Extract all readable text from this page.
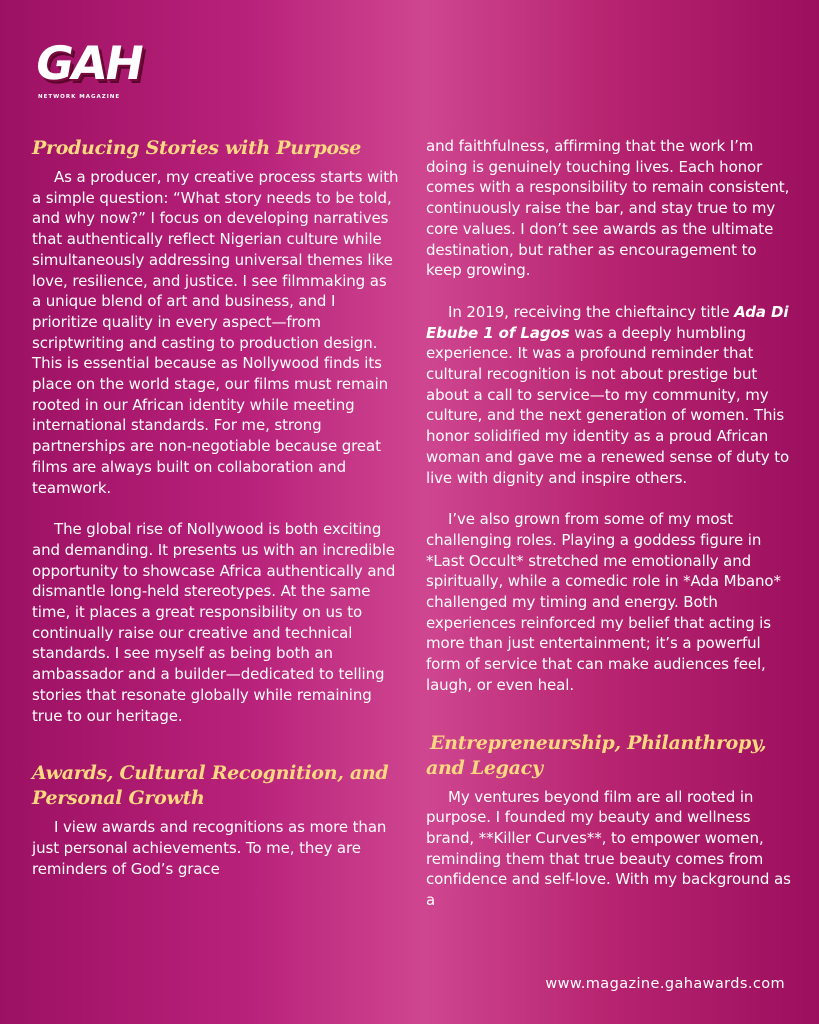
GAH
NETWORK MAGAZINE
Producing Stories with Purpose

As a producer, my creative process starts with a simple question: “What story needs to be told, and why now?” I focus on developing narratives that authentically reflect Nigerian culture while simultaneously addressing universal themes like love, resilience, and justice. I see filmmaking as a unique blend of art and business, and I prioritize quality in every aspect—from scriptwriting and casting to production design. This is essential because as Nollywood finds its place on the world stage, our films must remain rooted in our African identity while meeting international standards. For me, strong partnerships are non-negotiable because great films are always built on collaboration and teamwork.

The global rise of Nollywood is both exciting and demanding. It presents us with an incredible opportunity to showcase Africa authentically and dismantle long-held stereotypes. At the same time, it places a great responsibility on us to continually raise our creative and technical standards. I see myself as being both an ambassador and a builder—dedicated to telling stories that resonate globally while remaining true to our heritage.

Awards, Cultural Recognition, and Personal Growth

I view awards and recognitions as more than just personal achievements. To me, they are reminders of God’s grace

and faithfulness, affirming that the work I’m doing is genuinely touching lives. Each honor comes with a responsibility to remain consistent, continuously raise the bar, and stay true to my core values. I don’t see awards as the ultimate destination, but rather as encouragement to keep growing.

In 2019, receiving the chieftaincy title Ada Di Ebube 1 of Lagos was a deeply humbling experience. It was a profound reminder that cultural recognition is not about prestige but about a call to service—to my community, my culture, and the next generation of women. This honor solidified my identity as a proud African woman and gave me a renewed sense of duty to live with dignity and inspire others.

I’ve also grown from some of my most challenging roles. Playing a goddess figure in *Last Occult* stretched me emotionally and spiritually, while a comedic role in *Ada Mbano* challenged my timing and energy. Both experiences reinforced my belief that acting is more than just entertainment; it’s a powerful form of service that can make audiences feel, laugh, or even heal.

Entrepreneurship, Philanthropy, and Legacy

My ventures beyond film are all rooted in purpose. I founded my beauty and wellness brand, **Killer Curves**, to empower women, reminding them that true beauty comes from confidence and self-love. With my background as a

www.magazine.gahawards.com
